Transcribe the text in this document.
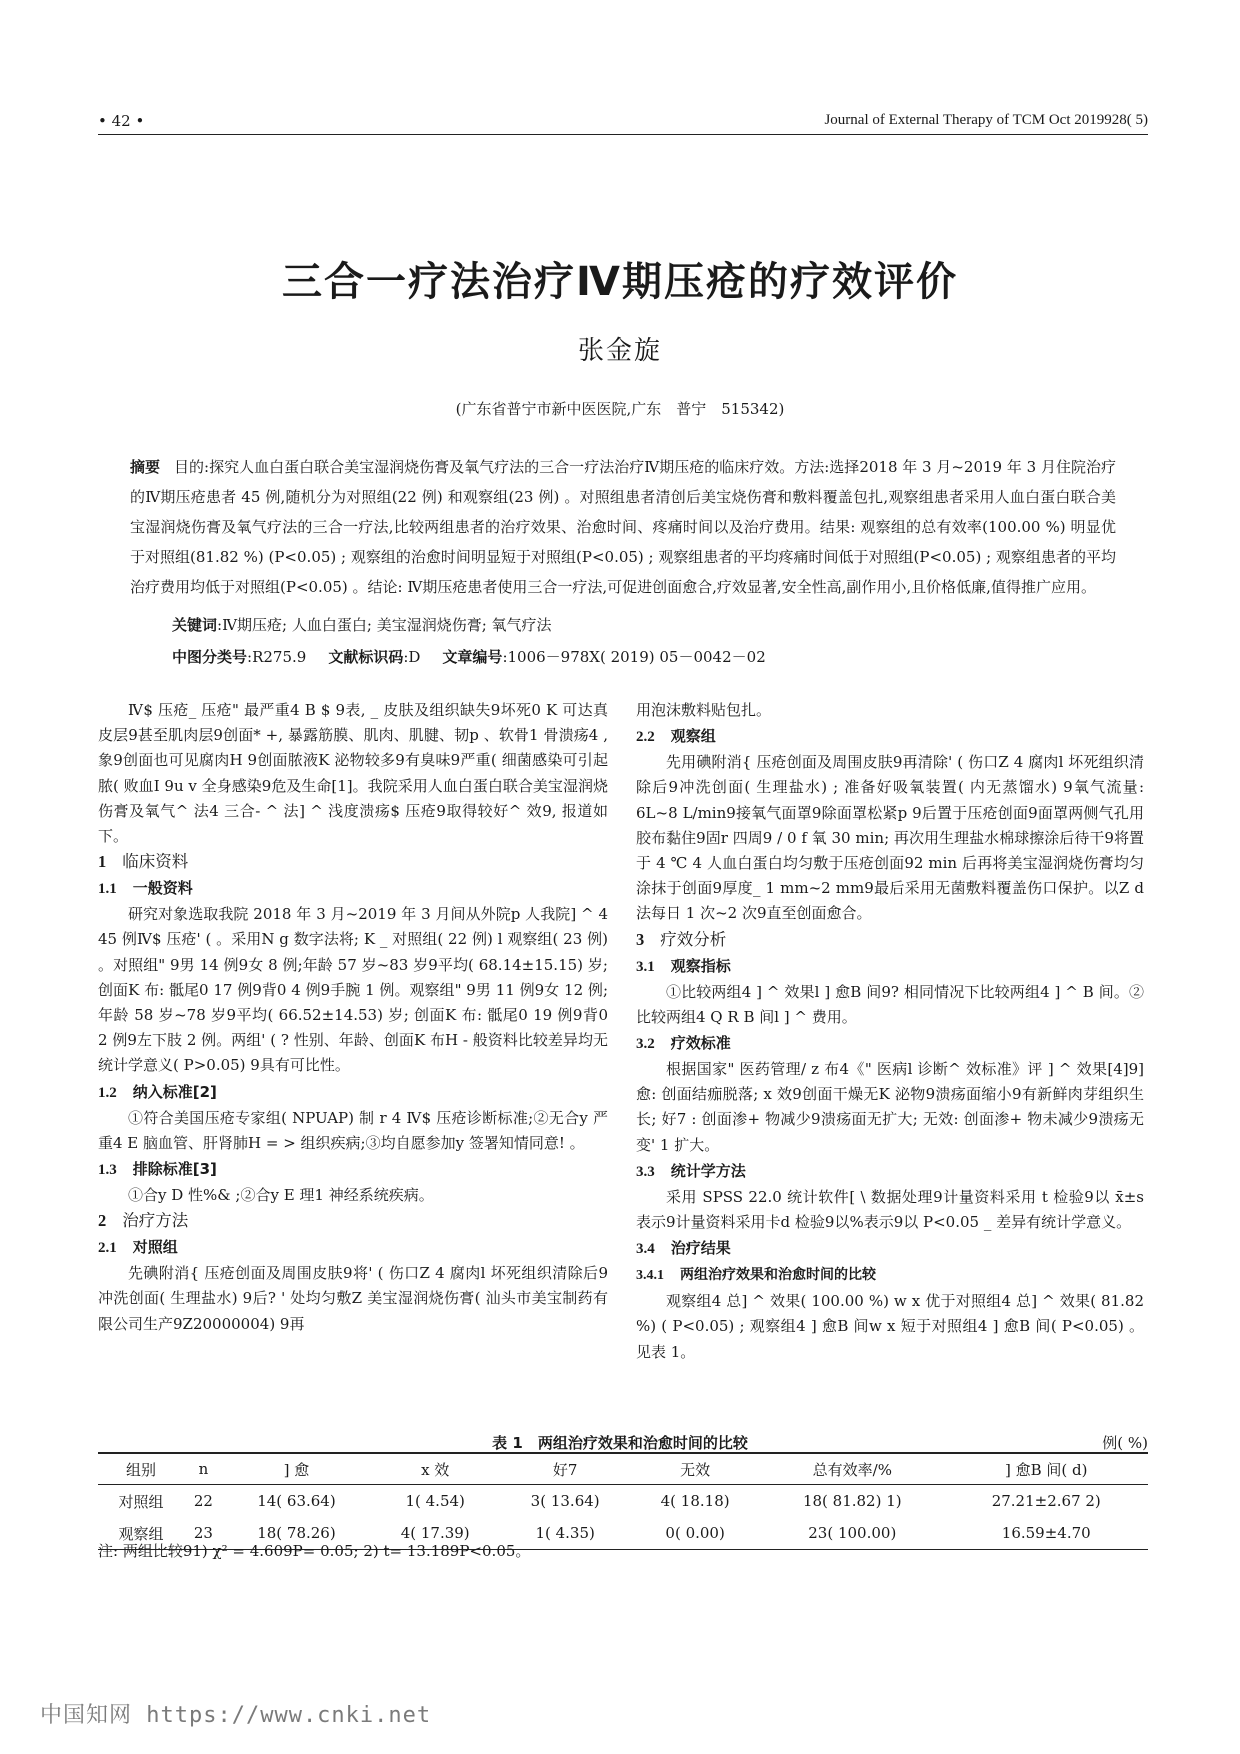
• 42 •	Journal of External Therapy of TCM Oct 2019928( 5)
三合一疗法治疗Ⅳ期压疮的疗效评价
张金旋
(广东省普宁市新中医医院,广东　普宁　515342)
摘要 目的:探究人血白蛋白联合美宝湿润烧伤膏及氧气疗法的三合一疗法治疗Ⅳ期压疮的临床疗效。方法:选择2018 年 3 月~2019 年 3 月住院治疗的Ⅳ期压疮患者 45 例,随机分为对照组(22 例) 和观察组(23 例) 。对照组患者清创后美宝烧伤膏和敷料覆盖包扎,观察组患者采用人血白蛋白联合美宝湿润烧伤膏及氧气疗法的三合一疗法,比较两组患者的治疗效果、治愈时间、疼痛时间以及治疗费用。结果: 观察组的总有效率(100.00 %) 明显优于对照组(81.82 %) (P<0.05) ; 观察组的治愈时间明显短于对照组(P<0.05) ; 观察组患者的平均疼痛时间低于对照组(P<0.05) ; 观察组患者的平均治疗费用均低于对照组(P<0.05) 。结论: Ⅳ期压疮患者使用三合一疗法,可促进创面愈合,疗效显著,安全性高,副作用小,且价格低廉,值得推广应用。
关键词:Ⅳ期压疮; 人血白蛋白; 美宝湿润烧伤膏; 氧气疗法
中图分类号:R275.9 文献标识码:D 文章编号:1006－978X( 2019) 05－0042－02

Ⅳ$ 压疮_ 压疮" 最严重4 B $ 9表, _ 皮肤及组织缺失9坏死0 K 可达真皮层9甚至肌肉层9创面* +, 暴露筋膜、肌肉、肌腱、韧p 、软骨1 骨溃疡4 , 象9创面也可见腐肉H 9创面脓液K 泌物较多9有臭味9严重( 细菌感染可引起脓( 败血I 9u v 全身感染9危及生命[1]。我院采用人血白蛋白联合美宝湿润烧伤膏及氧气^ 法4 三合- ^ 法] ^ 浅度溃疡$ 压疮9取得较好^ 效9, 报道如下。

1 临床资料
1.1 一般资料

研究对象选取我院 2018 年 3 月~2019 年 3 月间从外院p 人我院] ^ 4 45 例Ⅳ$ 压疮' ( 。采用N g 数字法将; K _ 对照组( 22 例) l 观察组( 23 例) 。对照组" 9男 14 例9女 8 例;年龄 57 岁~83 岁9平均( 68.14±15.15) 岁; 创面K 布: 骶尾0 17 例9背0 4 例9手腕 1 例。观察组" 9男 11 例9女 12 例;年龄 58 岁~78 岁9平均( 66.52±14.53) 岁; 创面K 布: 骶尾0 19 例9背0 2 例9左下肢 2 例。两组' ( ? 性别、年龄、创面K 布H - 般资料比较差异均无统计学意义( P>0.05) 9具有可比性。

1.2 纳入标准[2]

①符合美国压疮专家组( NPUAP) 制 r 4 Ⅳ$ 压疮诊断标准;②无合y 严重4 E 脑血管、肝肾肺H = > 组织疾病;③均自愿参加y 签署知情同意! 。

1.3 排除标准[3]

①合y D 性%& ;②合y E 理1 神经系统疾病。

2 治疗方法
2.1 对照组

先碘附消{ 压疮创面及周围皮肤9将' ( 伤口Z 4 腐肉l 坏死组织清除后9冲洗创面( 生理盐水) 9后? ' 处均匀敷Z 美宝湿润烧伤膏( 汕头市美宝制药有限公司生产9Z20000004) 9再

用泡沫敷料贴包扎。

2.2 观察组

先用碘附消{ 压疮创面及周围皮肤9再清除' ( 伤口Z 4 腐肉l 坏死组织清除后9冲洗创面( 生理盐水) ; 准备好吸氧装置( 内无蒸馏水) 9氧气流量: 6L~8 L/min9接氧气面罩9除面罩松紧p 9后置于压疮创面9面罩两侧气孔用胶布黏住9固r 四周9 / 0 f 氧 30 min; 再次用生理盐水棉球擦涂后待干9将置于 4 ℃ 4 人血白蛋白均匀敷于压疮创面92 min 后再将美宝湿润烧伤膏均匀涂抹于创面9厚度_ 1 mm~2 mm9最后采用无菌敷料覆盖伤口保护。以Z d 法每日 1 次~2 次9直至创面愈合。

3 疗效分析
3.1 观察指标

①比较两组4 ] ^ 效果l ] 愈B 间9? 相同情况下比较两组4 ] ^ B 间。②比较两组4 Q R B 间l ] ^ 费用。

3.2 疗效标准

根据国家" 医药管理/ z 布4《" 医病l 诊断^ 效标准》评 ] ^ 效果[4]9] 愈: 创面结痂脱落; x 效9创面干燥无K 泌物9溃疡面缩小9有新鲜肉芽组织生长; 好7 : 创面渗+ 物减少9溃疡面无扩大; 无效: 创面渗+ 物未减少9溃疡无变' 1 扩大。

3.3 统计学方法

采用 SPSS 22.0 统计软件[ \ 数据处理9计量资料采用 t 检验9以 x̄±s 表示9计量资料采用卡d 检验9以%表示9以 P<0.05 _ 差异有统计学意义。

3.4 治疗结果
3.4.1 两组治疗效果和治愈时间的比较

观察组4 总] ^ 效果( 100.00 %) w x 优于对照组4 总] ^ 效果( 81.82 %) ( P<0.05) ; 观察组4 ] 愈B 间w x 短于对照组4 ] 愈B 间( P<0.05) 。见表 1。

表 1　两组治疗效果和治愈时间的比较	例( %)
组别	n	] 愈	x 效	好7	无效	总有效率/%	] 愈B 间( d)
对照组	22	14( 63.64)	1( 4.54)	3( 13.64)	4( 18.18)	18( 81.82) 1)	27.21±2.67 2)
观察组	23	18( 78.26)	4( 17.39)	1( 4.35)	0( 0.00)	23( 100.00)	16.59±4.70
注: 两组比较91) χ² = 4.609P= 0.05; 2) t= 13.189P<0.05。
中国知网 https://www.cnki.net
